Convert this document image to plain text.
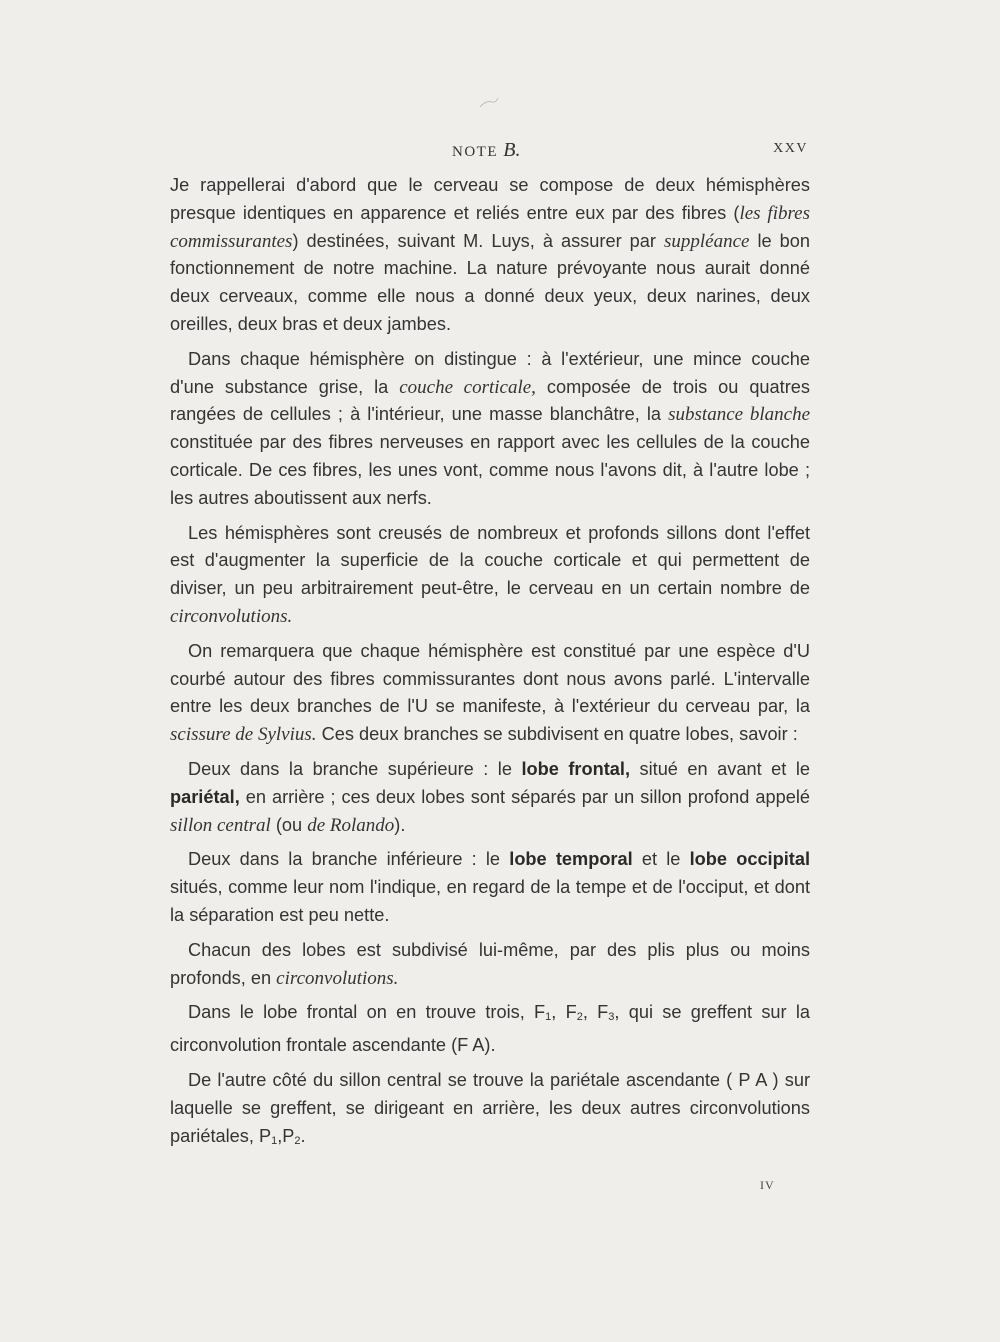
NOTE B.	XXV

Je rappellerai d'abord que le cerveau se compose de deux hémisphères presque identiques en apparence et reliés entre eux par des fibres (les fibres commissurantes) destinées, suivant M. Luys, à assurer par suppléance le bon fonctionnement de notre machine. La nature prévoyante nous aurait donné deux cerveaux, comme elle nous a donné deux yeux, deux narines, deux oreilles, deux bras et deux jambes.

Dans chaque hémisphère on distingue : à l'extérieur, une mince couche d'une substance grise, la couche corticale, composée de trois ou quatres rangées de cellules ; à l'intérieur, une masse blanchâtre, la substance blanche constituée par des fibres nerveuses en rapport avec les cellules de la couche corticale. De ces fibres, les unes vont, comme nous l'avons dit, à l'autre lobe ; les autres aboutissent aux nerfs.

Les hémisphères sont creusés de nombreux et profonds sillons dont l'effet est d'augmenter la superficie de la couche corticale et qui permettent de diviser, un peu arbitrairement peut-être, le cerveau en un certain nombre de circonvolutions.

On remarquera que chaque hémisphère est constitué par une espèce d'U courbé autour des fibres commissurantes dont nous avons parlé. L'intervalle entre les deux branches de l'U se manifeste, à l'extérieur du cerveau par, la scissure de Sylvius. Ces deux branches se subdivisent en quatre lobes, savoir :

Deux dans la branche supérieure : le lobe frontal, situé en avant et le pariétal, en arrière ; ces deux lobes sont séparés par un sillon profond appelé sillon central (ou de Rolando).

Deux dans la branche inférieure : le lobe temporal et le lobe occipital situés, comme leur nom l'indique, en regard de la tempe et de l'occiput, et dont la séparation est peu nette.

Chacun des lobes est subdivisé lui-même, par des plis plus ou moins profonds, en circonvolutions.

Dans le lobe frontal on en trouve trois, $F_1$, $F_2$, $F_3$, qui se greffent sur la circonvolution frontale ascendante (F A).

De l'autre côté du sillon central se trouve la pariétale ascendante ( P A ) sur laquelle se greffent, se dirigeant en arrière, les deux autres circonvolutions pariétales, $P_1,P_2$.

IV
